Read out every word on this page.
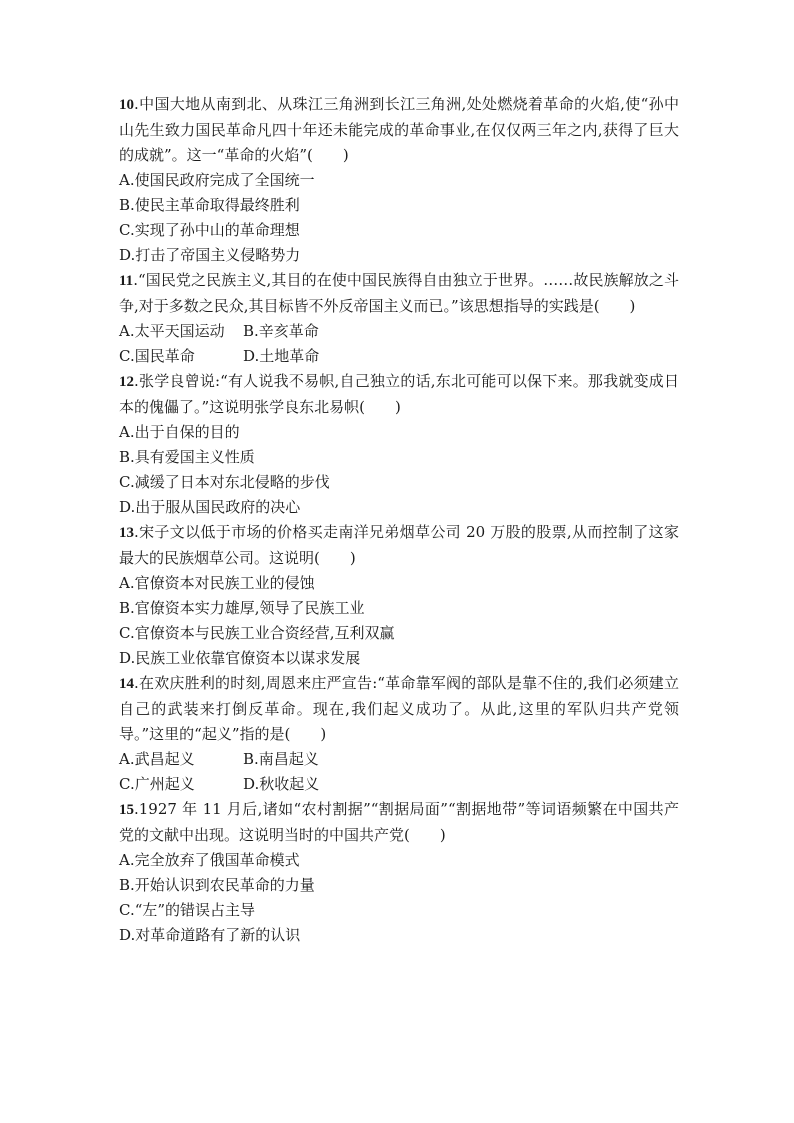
10.中国大地从南到北、从珠江三角洲到长江三角洲,处处燃烧着革命的火焰,使“孙中山先生致力国民革命凡四十年还未能完成的革命事业,在仅仅两三年之内,获得了巨大的成就”。这一“革命的火焰”(　　)

A.使国民政府完成了全国统一

B.使民主革命取得最终胜利

C.实现了孙中山的革命理想

D.打击了帝国主义侵略势力

11.“国民党之民族主义,其目的在使中国民族得自由独立于世界。……故民族解放之斗争,对于多数之民众,其目标皆不外反帝国主义而已。”该思想指导的实践是(　　)

A.太平天国运动	B.辛亥革命
C.国民革命	D.土地革命

12.张学良曾说:“有人说我不易帜,自己独立的话,东北可能可以保下来。那我就变成日本的傀儡了。”这说明张学良东北易帜(　　)

A.出于自保的目的

B.具有爱国主义性质

C.减缓了日本对东北侵略的步伐

D.出于服从国民政府的决心

13.宋子文以低于市场的价格买走南洋兄弟烟草公司 20 万股的股票,从而控制了这家最大的民族烟草公司。这说明(　　)

A.官僚资本对民族工业的侵蚀

B.官僚资本实力雄厚,领导了民族工业

C.官僚资本与民族工业合资经营,互利双赢

D.民族工业依靠官僚资本以谋求发展

14.在欢庆胜利的时刻,周恩来庄严宣告:“革命靠军阀的部队是靠不住的,我们必须建立自己的武装来打倒反革命。现在,我们起义成功了。从此,这里的军队归共产党领导。”这里的“起义”指的是(　　)

A.武昌起义	B.南昌起义
C.广州起义	D.秋收起义

15.1927 年 11 月后,诸如“农村割据”“割据局面”“割据地带”等词语频繁在中国共产党的文献中出现。这说明当时的中国共产党(　　)

A.完全放弃了俄国革命模式

B.开始认识到农民革命的力量

C.“左”的错误占主导

D.对革命道路有了新的认识
